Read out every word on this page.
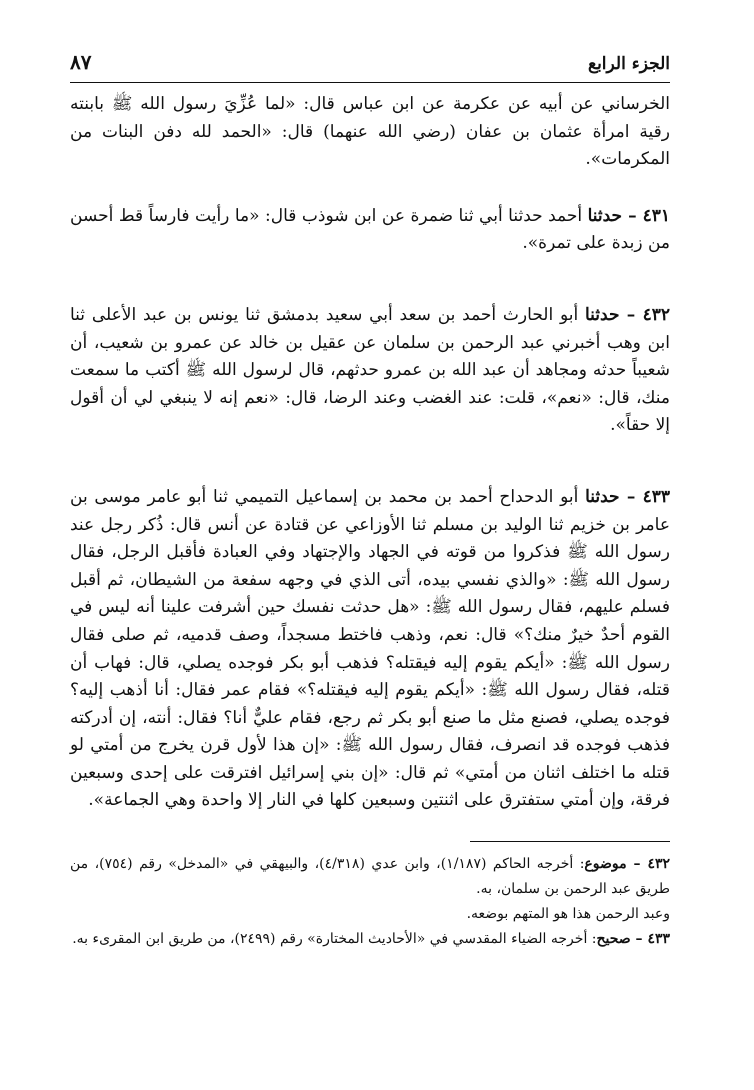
الجزء الرابع
٨٧

الخرساني عن أبيه عن عكرمة عن ابن عباس قال: «لما عُزِّيَ رسول الله ﷺ بابنته رقية امرأة عثمان بن عفان (رضي الله عنهما) قال: «الحمد لله دفن البنات من المكرمات».

٤٣١ – حدثنا أحمد حدثنا أبي ثنا ضمرة عن ابن شوذب قال: «ما رأيت فارساً قط أحسن من زبدة على تمرة».

٤٣٢ – حدثنا أبو الحارث أحمد بن سعد أبي سعيد بدمشق ثنا يونس بن عبد الأعلى ثنا ابن وهب أخبرني عبد الرحمن بن سلمان عن عقيل بن خالد عن عمرو بن شعيب، أن شعيباً حدثه ومجاهد أن عبد الله بن عمرو حدثهم، قال لرسول الله ﷺ أكتب ما سمعت منك، قال: «نعم»، قلت: عند الغضب وعند الرضا، قال: «نعم إنه لا ينبغي لي أن أقول إلا حقاً».

٤٣٣ – حدثنا أبو الدحداح أحمد بن محمد بن إسماعيل التميمي ثنا أبو عامر موسى بن عامر بن خزيم ثنا الوليد بن مسلم ثنا الأوزاعي عن قتادة عن أنس قال: ذُكر رجل عند رسول الله ﷺ فذكروا من قوته في الجهاد والإجتهاد وفي العبادة فأقبل الرجل، فقال رسول الله ﷺ: «والذي نفسي بيده، أتى الذي في وجهه سفعة من الشيطان، ثم أقبل فسلم عليهم، فقال رسول الله ﷺ: «هل حدثت نفسك حين أشرفت علينا أنه ليس في القوم أحدٌ خيرٌ منك؟» قال: نعم، وذهب فاختط مسجداً، وصف قدميه، ثم صلى فقال رسول الله ﷺ: «أيكم يقوم إليه فيقتله؟ فذهب أبو بكر فوجده يصلي، قال: فهاب أن قتله، فقال رسول الله ﷺ: «أيكم يقوم إليه فيقتله؟» فقام عمر فقال: أنا أذهب إليه؟ فوجده يصلي، فصنع مثل ما صنع أبو بكر ثم رجع، فقام عليٌّ أنا؟ فقال: أنته، إن أدركته فذهب فوجده قد انصرف، فقال رسول الله ﷺ: «إن هذا لأول قرن يخرج من أمتي لو قتله ما اختلف اثنان من أمتي» ثم قال: «إن بني إسرائيل افترقت على إحدى وسبعين فرقة، وإن أمتي ستفترق على اثنتين وسبعين كلها في النار إلا واحدة وهي الجماعة».

٤٣٢ – موضوع: أخرجه الحاكم (١/١٨٧)، وابن عدي (٤/٣١٨)، والبيهقي في «المدخل» رقم (٧٥٤)، من طريق عبد الرحمن بن سلمان، به.

وعبد الرحمن هذا هو المتهم بوضعه.

٤٣٣ – صحيح: أخرجه الضياء المقدسي في «الأحاديث المختارة» رقم (٢٤٩٩)، من طريق ابن المقرىء به.
